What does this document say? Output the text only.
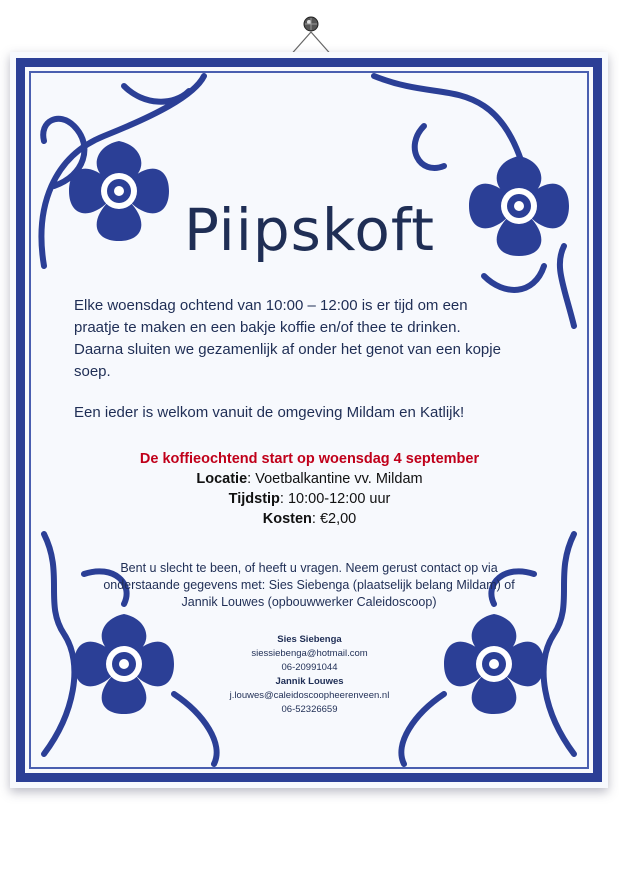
Piipskoft

Elke woensdag ochtend van 10:00 – 12:00 is er tijd om een

praatje te maken en een bakje koffie en/of thee te drinken.

Daarna sluiten we gezamenlijk af onder het genot van een kopje

soep.

Een ieder is welkom vanuit de omgeving Mildam en Katlijk!
De koffieochtend start op woensdag 4 september
Locatie: Voetbalkantine vv. Mildam
Tijdstip: 10:00-12:00 uur
Kosten: €2,00
Bent u slecht te been, of heeft u vragen. Neem gerust contact op via
onderstaande gegevens met: Sies Siebenga (plaatselijk belang Mildam) of
Jannik Louwes (opbouwwerker Caleidoscoop)
Sies Siebenga
siessiebenga@hotmail.com
06-20991044
Jannik Louwes
j.louwes@caleidoscoopheerenveen.nl
06-52326659
